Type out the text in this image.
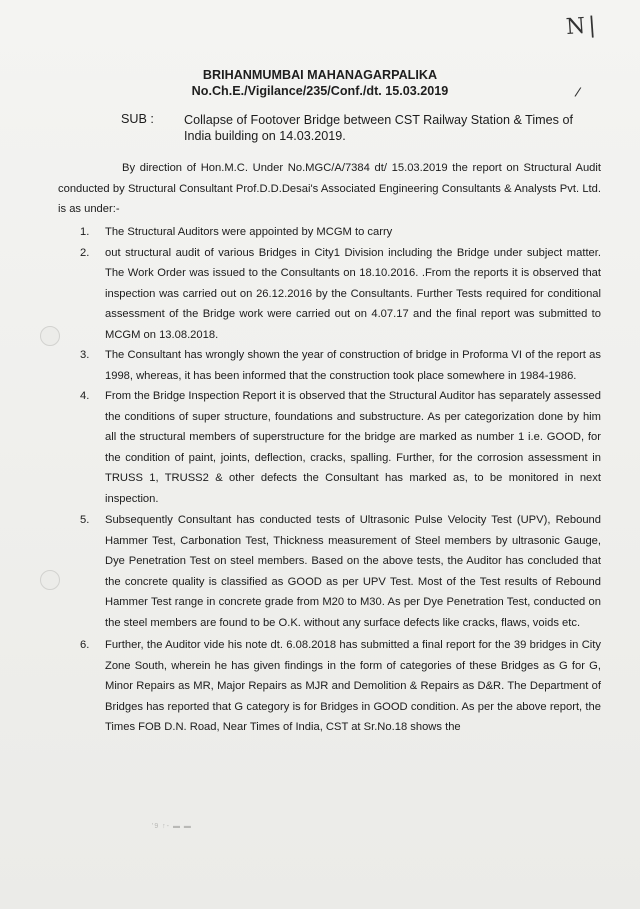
N|
/
BRIHANMUMBAI MAHANAGARPALIKA
No.Ch.E./Vigilance/235/Conf./dt. 15.03.2019
SUB : Collapse of Footover Bridge between CST Railway Station & Times of India building on 14.03.2019.
By direction of Hon.M.C. Under No.MGC/A/7384 dt/ 15.03.2019 the report on Structural Audit conducted by Structural Consultant Prof.D.D.Desai's Associated Engineering Consultants & Analysts Pvt. Ltd. is as under:-
1. The Structural Auditors were appointed by MCGM to carry
2. out structural audit of various Bridges in City1 Division including the Bridge under subject matter. The Work Order was issued to the Consultants on 18.10.2016. .From the reports it is observed that inspection was carried out on 26.12.2016 by the Consultants. Further Tests required for conditional assessment of the Bridge work were carried out on 4.07.17 and the final report was submitted to MCGM on 13.08.2018.
3. The Consultant has wrongly shown the year of construction of bridge in Proforma VI of the report as 1998, whereas, it has been informed that the construction took place somewhere in 1984-1986.
4. From the Bridge Inspection Report it is observed that the Structural Auditor has separately assessed the conditions of super structure, foundations and substructure. As per categorization done by him all the structural members of superstructure for the bridge are marked as number 1 i.e. GOOD, for the condition of paint, joints, deflection, cracks, spalling. Further, for the corrosion assessment in TRUSS 1, TRUSS2 & other defects the Consultant has marked as, to be monitored in next inspection.
5. Subsequently Consultant has conducted tests of Ultrasonic Pulse Velocity Test (UPV), Rebound Hammer Test, Carbonation Test, Thickness measurement of Steel members by ultrasonic Gauge, Dye Penetration Test on steel members. Based on the above tests, the Auditor has concluded that the concrete quality is classified as GOOD as per UPV Test. Most of the Test results of Rebound Hammer Test range in concrete grade from M20 to M30. As per Dye Penetration Test, conducted on the steel members are found to be O.K. without any surface defects like cracks, flaws, voids etc.
6. Further, the Auditor vide his note dt. 6.08.2018 has submitted a final report for the 39 bridges in City Zone South, wherein he has given findings in the form of categories of these Bridges as G for G, Minor Repairs as MR, Major Repairs as MJR and Demolition & Repairs as D&R. The Department of Bridges has reported that G category is for Bridges in GOOD condition. As per the above report, the Times FOB D.N. Road, Near Times of India, CST at Sr.No.18 shows the
'9 ↑- ▬ ▬
